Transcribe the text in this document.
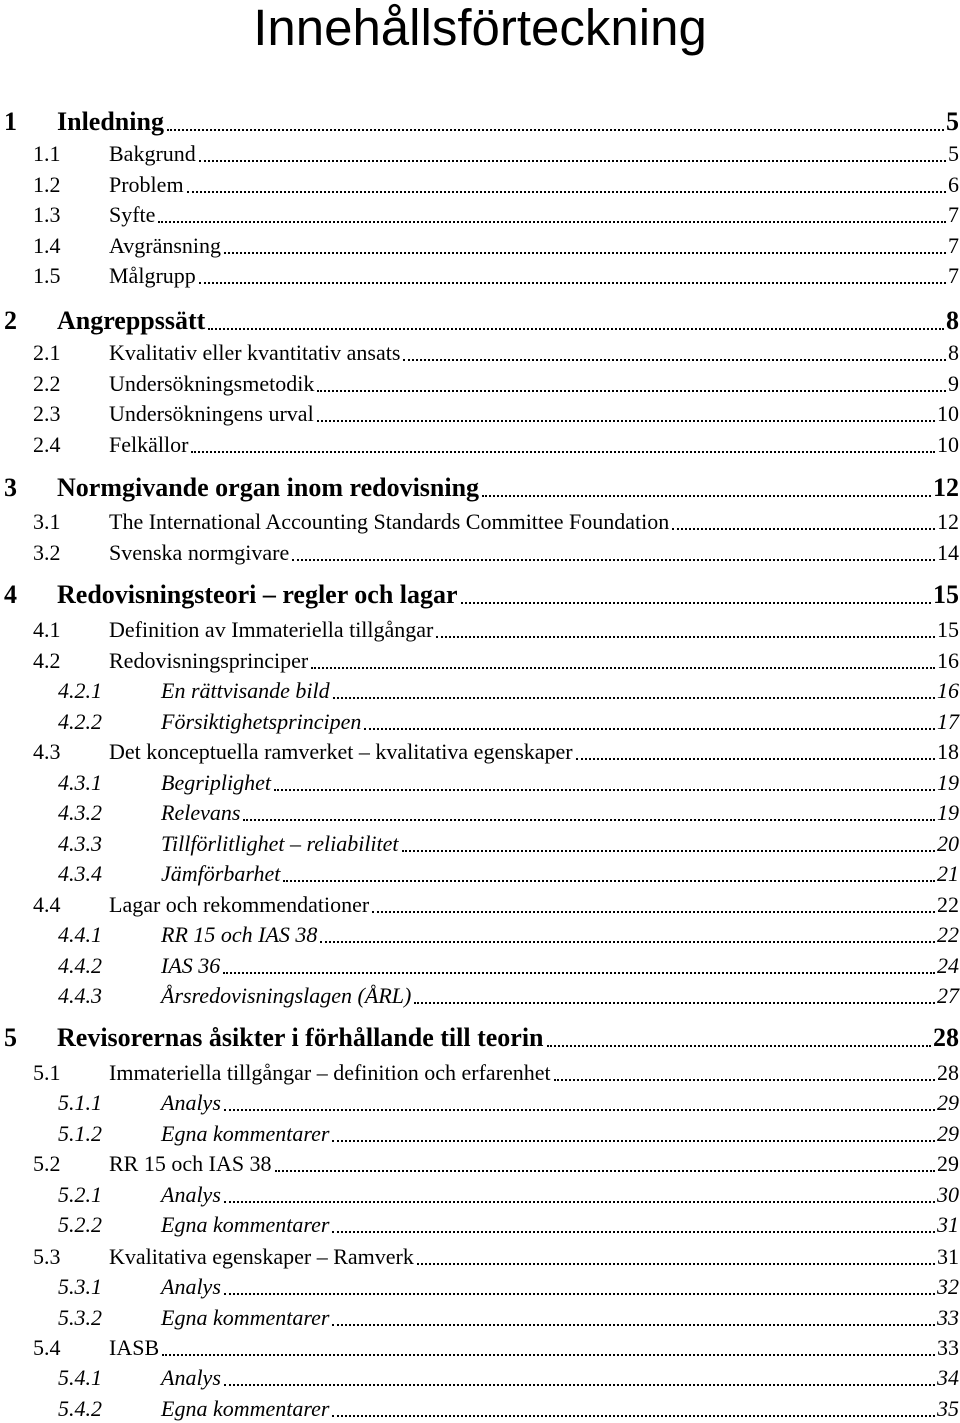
Innehållsförteckning
1	Inledning	5
1.1	Bakgrund	5
1.2	Problem	6
1.3	Syfte	7
1.4	Avgränsning	7
1.5	Målgrupp	7
2	Angreppssätt	8
2.1	Kvalitativ eller kvantitativ ansats	8
2.2	Undersökningsmetodik	9
2.3	Undersökningens urval	10
2.4	Felkällor	10
3	Normgivande organ inom redovisning	12
3.1	The International Accounting Standards Committee Foundation	12
3.2	Svenska normgivare	14
4	Redovisningsteori – regler och lagar	15
4.1	Definition av Immateriella tillgångar	15
4.2	Redovisningsprinciper	16
4.2.1	En rättvisande bild	16
4.2.2	Försiktighetsprincipen	17
4.3	Det konceptuella ramverket – kvalitativa egenskaper	18
4.3.1	Begriplighet	19
4.3.2	Relevans	19
4.3.3	Tillförlitlighet – reliabilitet	20
4.3.4	Jämförbarhet	21
4.4	Lagar och rekommendationer	22
4.4.1	RR 15 och IAS 38	22
4.4.2	IAS 36	24
4.4.3	Årsredovisningslagen (ÅRL)	27
5	Revisorernas åsikter i förhållande till teorin	28
5.1	Immateriella tillgångar – definition och erfarenhet	28
5.1.1	Analys	29
5.1.2	Egna kommentarer	29
5.2	RR 15 och IAS 38	29
5.2.1	Analys	30
5.2.2	Egna kommentarer	31
5.3	Kvalitativa egenskaper – Ramverk	31
5.3.1	Analys	32
5.3.2	Egna kommentarer	33
5.4	IASB	33
5.4.1	Analys	34
5.4.2	Egna kommentarer	35
